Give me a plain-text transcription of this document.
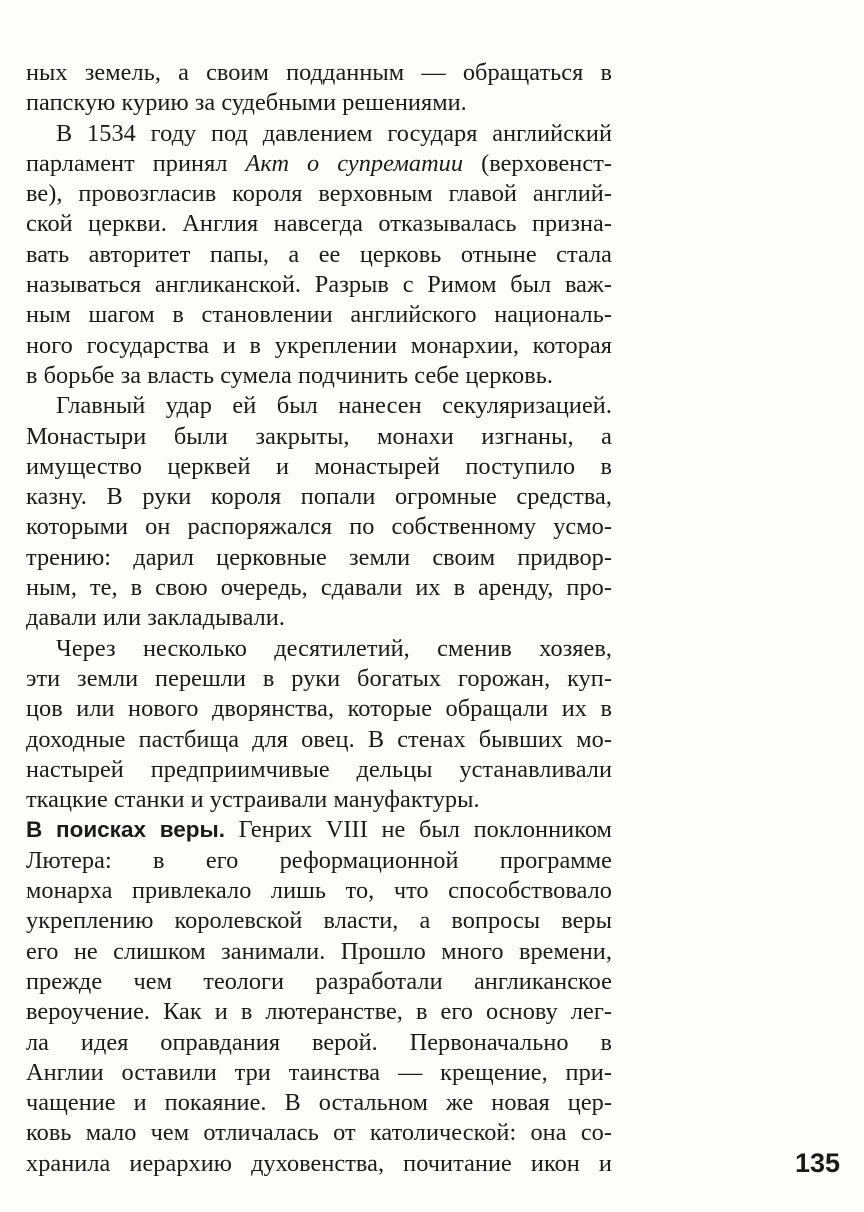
ных земель, а своим подданным — обращаться в
папскую курию за судебными решениями.
В 1534 году под давлением государя английский
парламент принял Акт о супрематии (верховенст-
ве), провозгласив короля верховным главой англий-
ской церкви. Англия навсегда отказывалась призна-
вать авторитет папы, а ее церковь отныне стала
называться англиканской. Разрыв с Римом был важ-
ным шагом в становлении английского националь-
ного государства и в укреплении монархии, которая
в борьбе за власть сумела подчинить себе церковь.
Главный удар ей был нанесен секуляризацией.
Монастыри были закрыты, монахи изгнаны, а
имущество церквей и монастырей поступило в
казну. В руки короля попали огромные средства,
которыми он распоряжался по собственному усмо-
трению: дарил церковные земли своим придвор-
ным, те, в свою очередь, сдавали их в аренду, про-
давали или закладывали.
Через несколько десятилетий, сменив хозяев,
эти земли перешли в руки богатых горожан, куп-
цов или нового дворянства, которые обращали их в
доходные пастбища для овец. В стенах бывших мо-
настырей предприимчивые дельцы устанавливали
ткацкие станки и устраивали мануфактуры.
В поисках веры. Генрих VIII не был поклонником
Лютера: в его реформационной программе
монарха привлекало лишь то, что способствовало
укреплению королевской власти, а вопросы веры
его не слишком занимали. Прошло много времени,
прежде чем теологи разработали англиканское
вероучение. Как и в лютеранстве, в его основу лег-
ла идея оправдания верой. Первоначально в
Англии оставили три таинства — крещение, при-
чащение и покаяние. В остальном же новая цер-
ковь мало чем отличалась от католической: она со-
хранила иерархию духовенства, почитание икон и	135
